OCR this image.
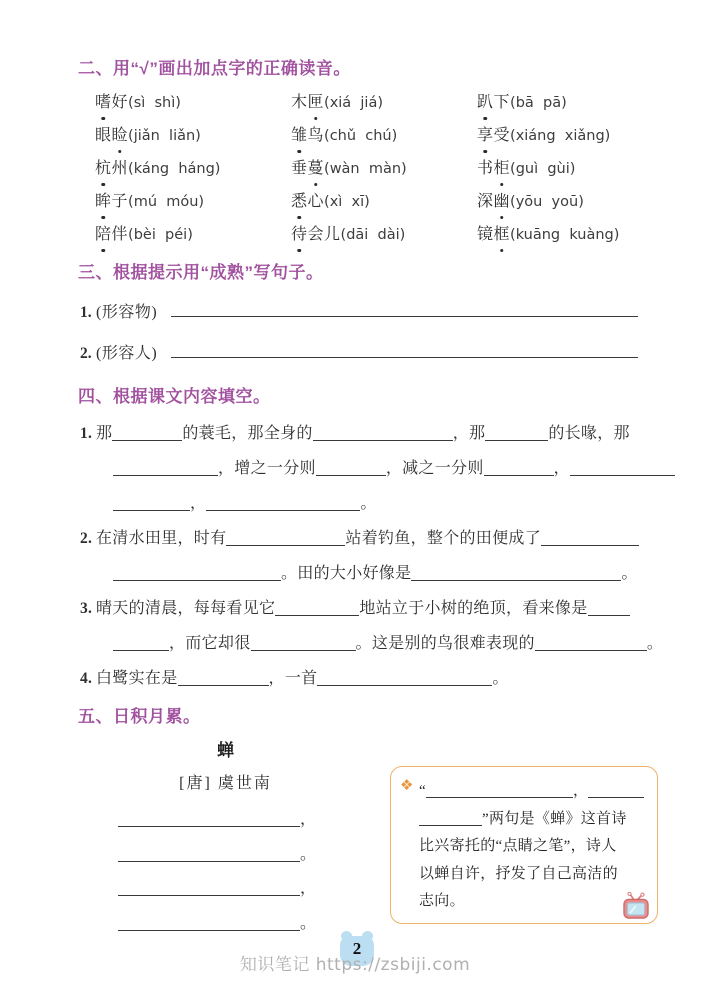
二、用“√”画出加点字的正确读音。
嗜好(sì  shì)	木匣(xiá  jiá)	趴下(bā  pā)
眼睑(jiǎn  liǎn)	雏鸟(chǔ  chú)	享受(xiáng  xiǎng)
杭州(káng  háng)	垂蔓(wàn  màn)	书柜(guì  gùi)
眸子(mú  móu)	悉心(xì  xī)	深幽(yōu  yoū)
陪伴(bèi  péi)	待会儿(dāi  dài)	镜框(kuāng  kuàng)
三、根据提示用“成熟”写句子。
1. (形容物)
2. (形容人)
四、根据课文内容填空。
1. 那	的蓑毛，那全身的	，那	的长喙，那
，增之一分则	，减之一分则	，
，	。
2. 在清水田里，时有	站着钓鱼，整个的田便成了
。田的大小好像是	。
3. 晴天的清晨，每每看见它	地站立于小树的绝顶，看来像是
，而它却很	。这是别的鸟很难表现的	。
4. 白鹭实在是	，一首	。
五、日积月累。
蝉
[唐] 虞世南
，
。
，
。
❖ “	，
”两句是《蝉》这首诗
比兴寄托的“点睛之笔”，诗人
以蝉自许，抒发了自己高洁的
志向。
2
知识笔记 https://zsbiji.com
